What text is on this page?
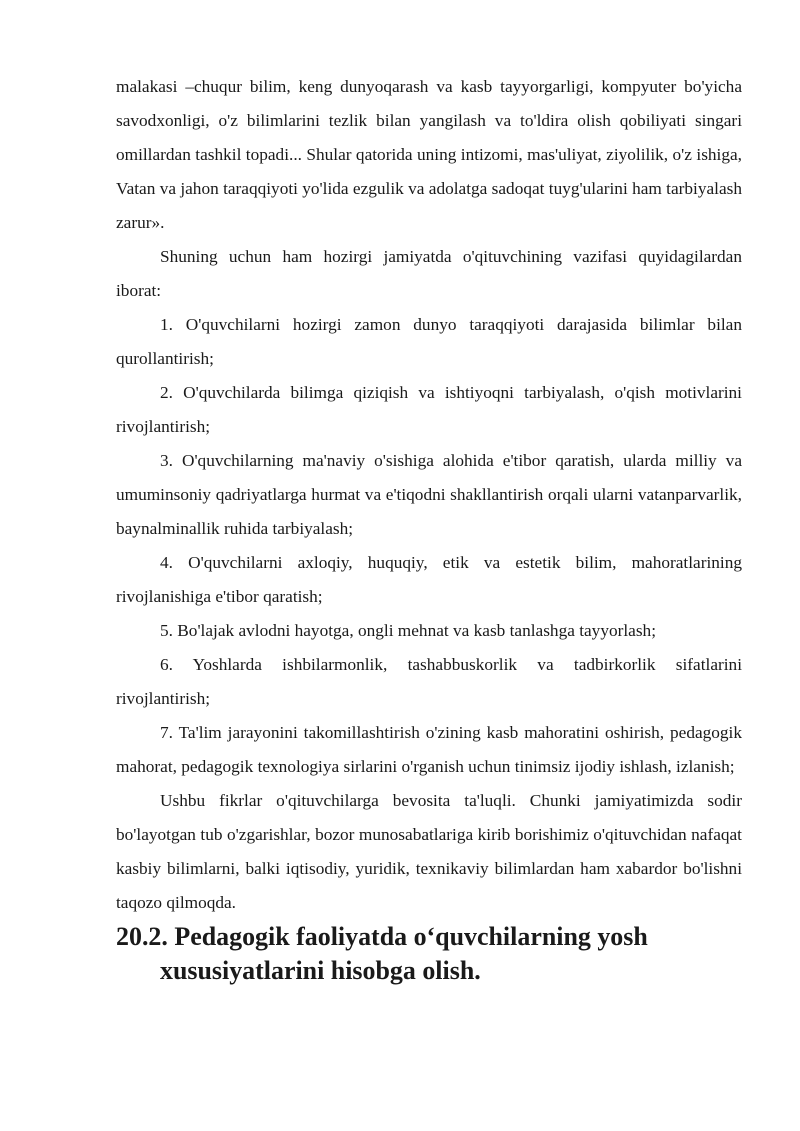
malakasi –chuqur bilim, keng dunyoqarash va kasb tayyorgarligi, kompyuter bo'yicha savodxonligi, o'z bilimlarini tezlik bilan yangilash va to'ldira olish qobiliyati singari omillardan tashkil topadi... Shular qatorida uning intizomi, mas'uliyat, ziyolilik, o'z ishiga, Vatan va jahon taraqqiyoti yo'lida ezgulik va adolatga sadoqat tuyg'ularini ham tarbiyalash zarur».

Shuning uchun ham hozirgi jamiyatda o'qituvchining vazifasi quyidagilardan iborat:

1. O'quvchilarni hozirgi zamon dunyo taraqqiyoti darajasida bilimlar bilan qurollantirish;

2. O'quvchilarda bilimga qiziqish va ishtiyoqni tarbiyalash, o'qish motivlarini rivojlantirish;

3. O'quvchilarning ma'naviy o'sishiga alohida e'tibor qaratish, ularda milliy va umuminsoniy qadriyatlarga hurmat va e'tiqodni shakllantirish orqali ularni vatanparvarlik, baynalminallik ruhida tarbiyalash;

4. O'quvchilarni axloqiy, huquqiy, etik va estetik bilim, mahoratlarining rivojlanishiga e'tibor qaratish;

5. Bo'lajak avlodni hayotga, ongli mehnat va kasb tanlashga tayyorlash;

6. Yoshlarda ishbilarmonlik, tashabbuskorlik va tadbirkorlik sifatlarini rivojlantirish;

7. Ta'lim jarayonini takomillashtirish o'zining kasb mahoratini oshirish, pedagogik mahorat, pedagogik texnologiya sirlarini o'rganish uchun tinimsiz ijodiy ishlash, izlanish;

Ushbu fikrlar o'qituvchilarga bevosita ta'luqli. Chunki jamiyatimizda sodir bo'layotgan tub o'zgarishlar, bozor munosabatlariga kirib borishimiz o'qituvchidan nafaqat kasbiy bilimlarni, balki iqtisodiy, yuridik, texnikaviy bilimlardan ham xabardor bo'lishni taqozo qilmoqda.

20.2. Pedagogik faoliyatda o‘quvchilarning yosh xususiyatlarini hisobga olish.
